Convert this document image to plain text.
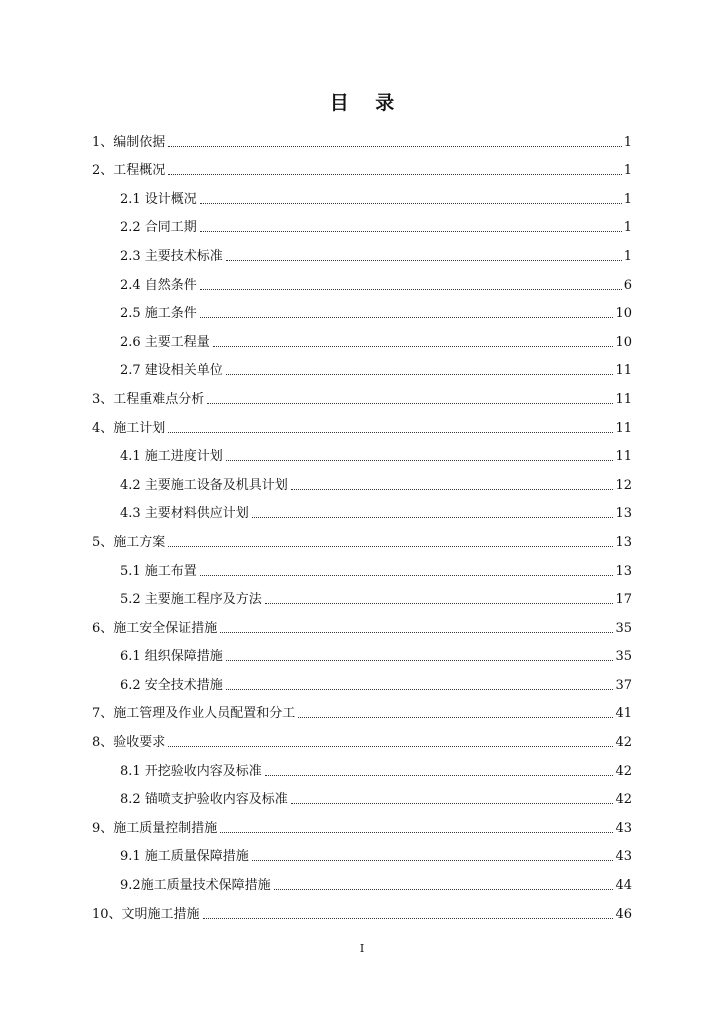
目    录
1、编制依据	1
2、工程概况	1
2.1 设计概况	1
2.2 合同工期	1
2.3 主要技术标准	1
2.4 自然条件	6
2.5 施工条件	10
2.6 主要工程量	10
2.7 建设相关单位	11
3、工程重难点分析	11
4、施工计划	11
4.1 施工进度计划	11
4.2 主要施工设备及机具计划	12
4.3 主要材料供应计划	13
5、施工方案	13
5.1 施工布置	13
5.2 主要施工程序及方法	17
6、施工安全保证措施	35
6.1 组织保障措施	35
6.2 安全技术措施	37
7、施工管理及作业人员配置和分工	41
8、验收要求	42
8.1 开挖验收内容及标准	42
8.2 锚喷支护验收内容及标准	42
9、施工质量控制措施	43
9.1 施工质量保障措施	43
9.2施工质量技术保障措施	44
10、文明施工措施	46
I
